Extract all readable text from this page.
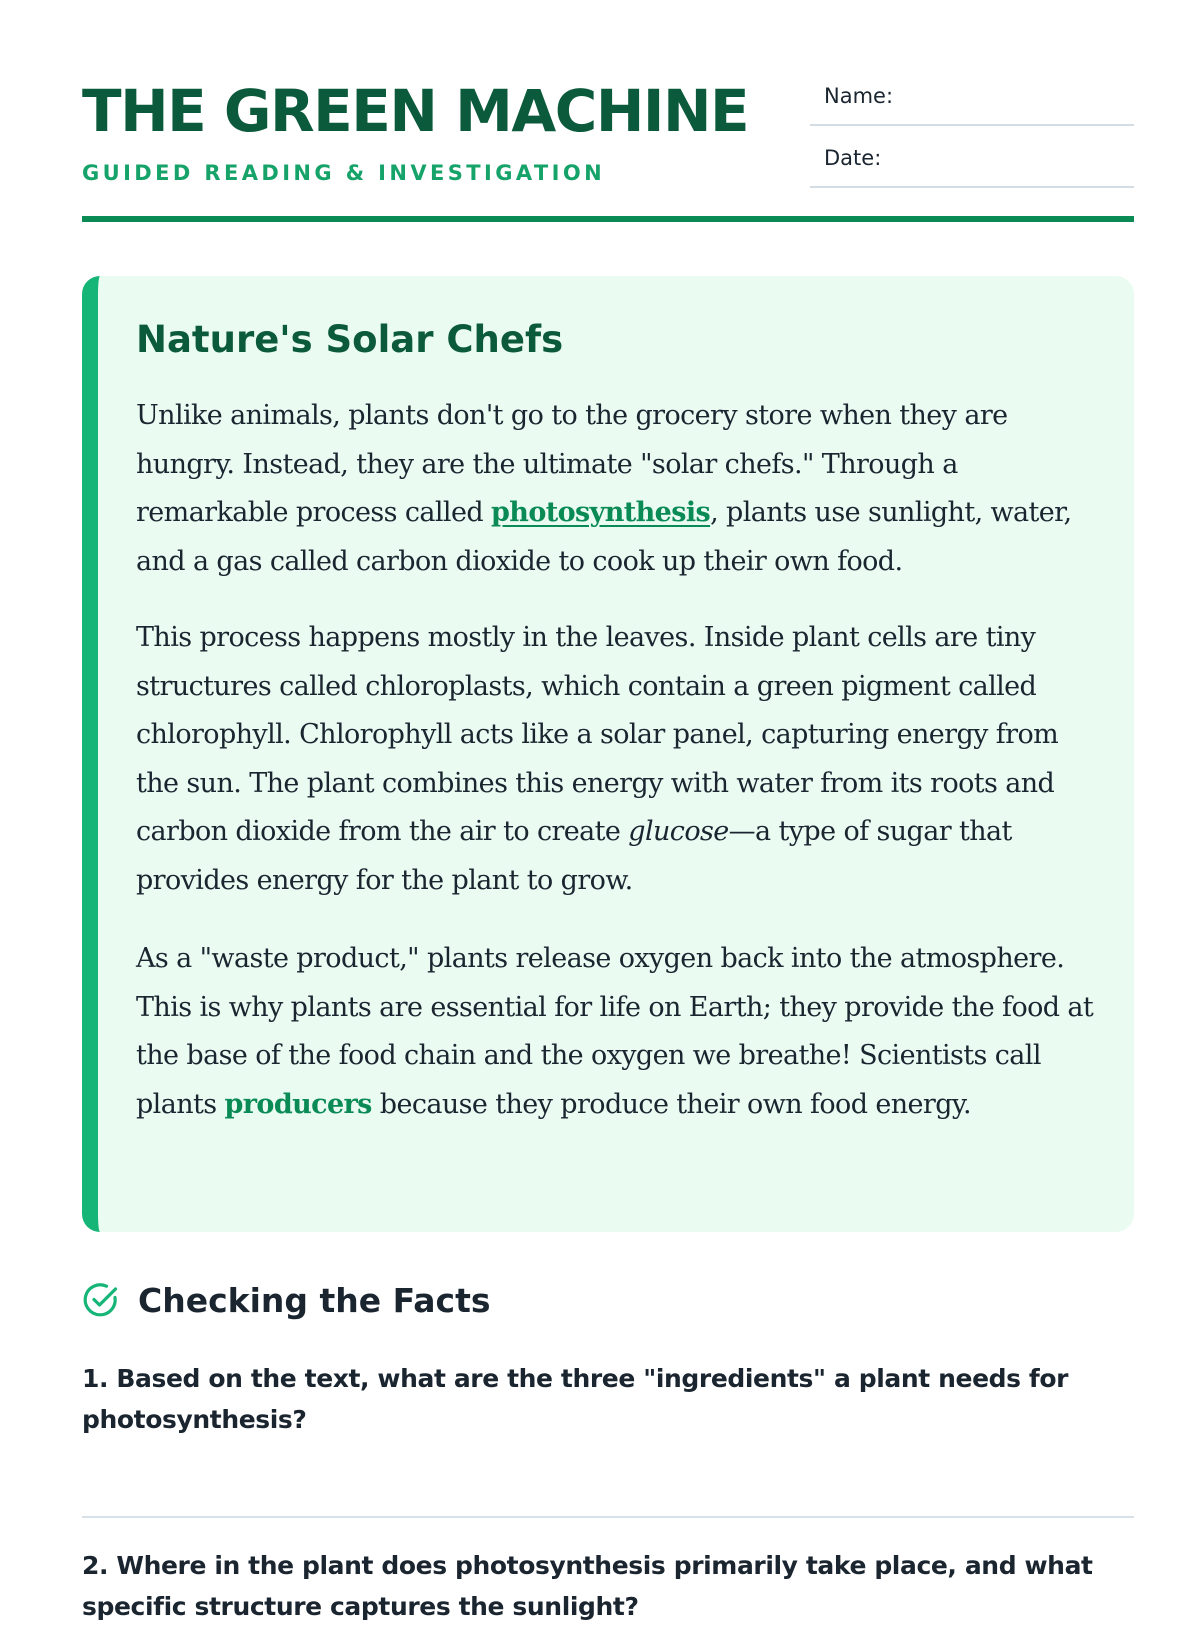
THE GREEN MACHINE
GUIDED READING & INVESTIGATION
Name:
Date:
Nature's Solar Chefs

Unlike animals, plants don't go to the grocery store when they are hungry. Instead, they are the ultimate "solar chefs." Through a remarkable process called photosynthesis, plants use sunlight, water, and a gas called carbon dioxide to cook up their own food.

This process happens mostly in the leaves. Inside plant cells are tiny structures called chloroplasts, which contain a green pigment called chlorophyll. Chlorophyll acts like a solar panel, capturing energy from the sun. The plant combines this energy with water from its roots and carbon dioxide from the air to create glucose—a type of sugar that provides energy for the plant to grow.

As a "waste product," plants release oxygen back into the atmosphere. This is why plants are essential for life on Earth; they provide the food at the base of the food chain and the oxygen we breathe! Scientists call plants producers because they produce their own food energy.

Checking the Facts
1. Based on the text, what are the three "ingredients" a plant needs for photosynthesis?
2. Where in the plant does photosynthesis primarily take place, and what specific structure captures the sunlight?
